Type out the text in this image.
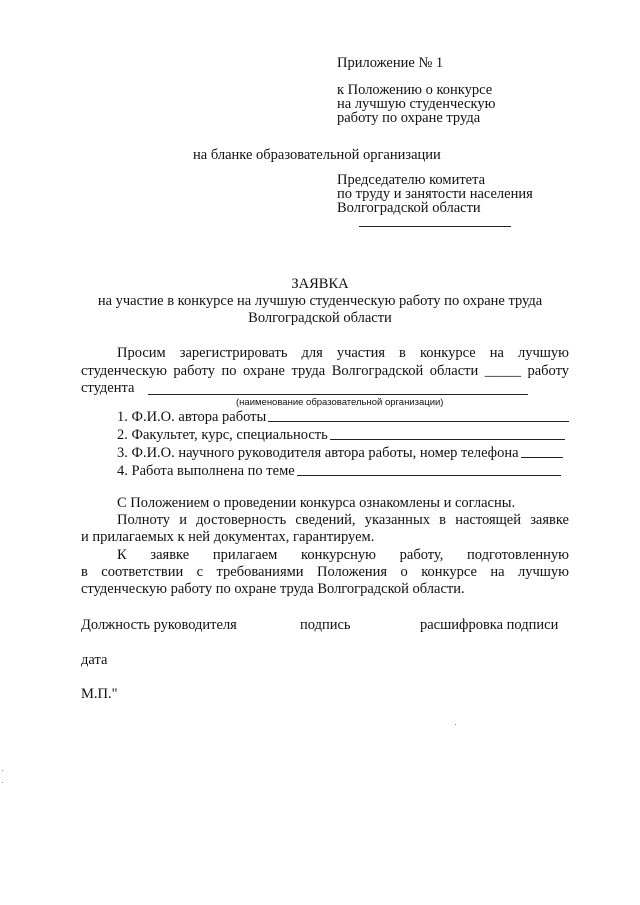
Приложение № 1
к Положению о конкурсе
на лучшую студенческую
работу по охране труда
на бланке образовательной организации
Председателю комитета
по труду и занятости населения
Волгоградской области
ЗАЯВКА
на участие в конкурсе на лучшую студенческую работу по охране труда
Волгоградской области
Просим зарегистрировать для участия в конкурсе на лучшую
студенческую работу по охране труда Волгоградской области _____ работу
студента
(наименование образовательной организации)
1. Ф.И.О. автора работы
2. Факультет, курс, специальность
3. Ф.И.О. научного руководителя автора работы, номер телефона
4. Работа выполнена по теме
С Положением о проведении конкурса ознакомлены и согласны.
Полноту и достоверность сведений, указанных в настоящей заявке
и прилагаемых к ней документах, гарантируем.
К заявке прилагаем конкурсную работу, подготовленную
в соответствии с требованиями Положения о конкурсе на лучшую
студенческую работу по охране труда Волгоградской области.
Должность руководителя	подпись	расшифровка подписи
дата
М.П."
